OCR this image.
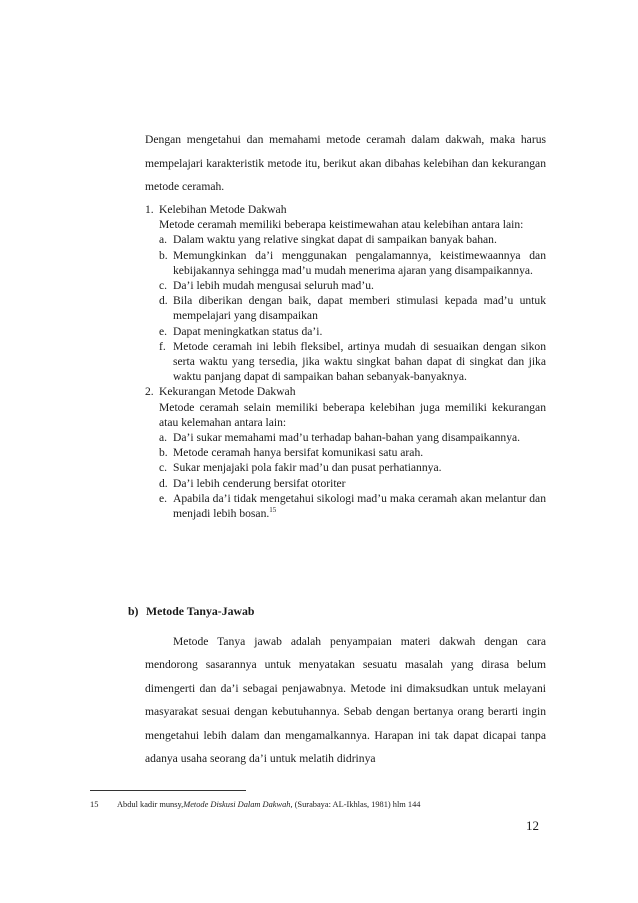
Dengan mengetahui dan memahami metode ceramah dalam dakwah, maka harus mempelajari karakteristik metode itu, berikut akan dibahas kelebihan dan kekurangan metode ceramah.

1. Kelebihan Metode Dakwah
Metode ceramah memiliki beberapa keistimewahan atau kelebihan antara lain:
a. Dalam waktu yang relative singkat dapat di sampaikan banyak bahan.
b. Memungkinkan da’i menggunakan pengalamannya, keistimewaannya dan kebijakannya sehingga mad’u mudah menerima ajaran yang disampaikannya.
c. Da’i lebih mudah mengusai seluruh mad’u.
d. Bila diberikan dengan baik, dapat memberi stimulasi kepada mad’u untuk mempelajari yang disampaikan
e. Dapat meningkatkan status da’i.
f. Metode ceramah ini lebih fleksibel, artinya mudah di sesuaikan dengan sikon serta waktu yang tersedia, jika waktu singkat bahan dapat di singkat dan jika waktu panjang dapat di sampaikan bahan sebanyak-banyaknya.
2. Kekurangan Metode Dakwah
Metode ceramah selain memiliki beberapa kelebihan juga memiliki kekurangan atau kelemahan antara lain:
a. Da’i sukar memahami mad’u terhadap bahan-bahan yang disampaikannya.
b. Metode ceramah hanya bersifat komunikasi satu arah.
c. Sukar menjajaki pola fakir mad’u dan pusat perhatiannya.
d. Da’i lebih cenderung bersifat otoriter
e. Apabila da’i tidak mengetahui sikologi mad’u maka ceramah akan melantur dan menjadi lebih bosan.$^{15}$
b) Metode Tanya-Jawab

Metode Tanya jawab adalah penyampaian materi dakwah dengan cara mendorong sasarannya untuk menyatakan sesuatu masalah yang dirasa belum dimengerti dan da’i sebagai penjawabnya. Metode ini dimaksudkan untuk melayani masyarakat sesuai dengan kebutuhannya. Sebab dengan bertanya orang berarti ingin mengetahui lebih dalam dan mengamalkannya. Harapan ini tak dapat dicapai tanpa adanya usaha seorang da’i untuk melatih didrinya

15 Abdul kadir munsy,Metode Diskusi Dalam Dakwah, (Surabaya: AL-Ikhlas, 1981) hlm 144
12
